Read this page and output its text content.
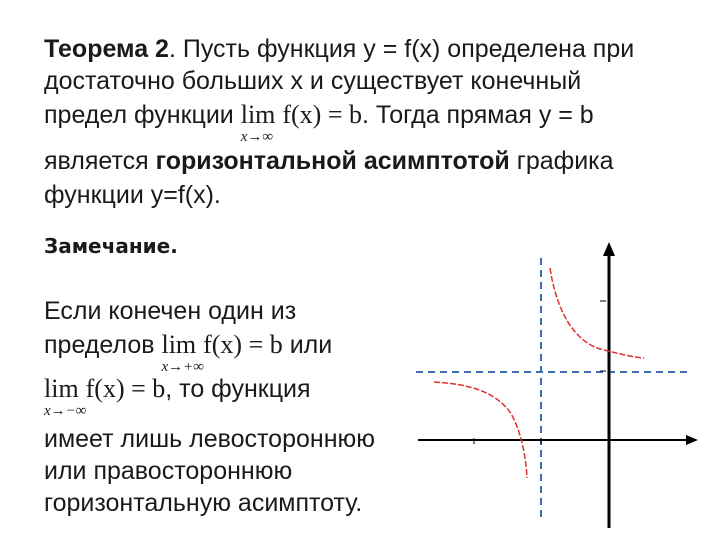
Теорема 2. Пусть функция y = f(x) определена при
достаточно больших x и существует конечный
предел функции lim
x→∞
f(x) = b. Тогда прямая y = b
является горизонтальной асимптотой графика
функции y=f(x).
Замечание.
Если конечен один из
пределов lim
x→+∞
f(x) = b или
lim
x→−∞
f(x) = b, то функция
имеет лишь левостороннюю
или правостороннюю
горизонтальную асимптоту.
